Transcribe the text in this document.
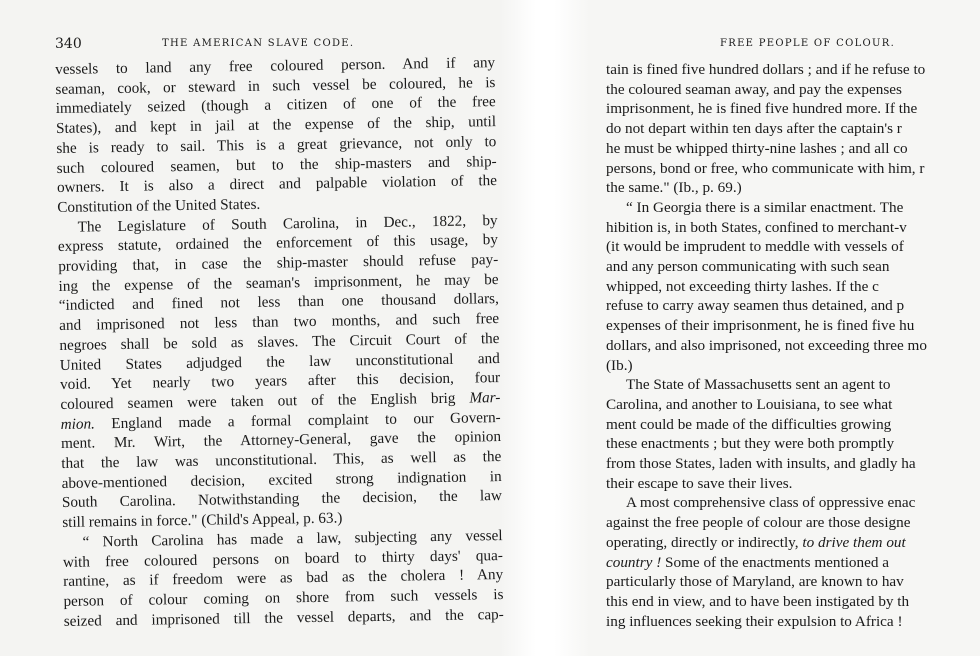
340	THE AMERICAN SLAVE CODE.	FREE PEOPLE OF COLOUR.
vessels to land any free coloured person. And if any
seaman, cook, or steward in such vessel be coloured, he is
immediately seized (though a citizen of one of the free
States), and kept in jail at the expense of the ship, until
she is ready to sail. This is a great grievance, not only to
such coloured seamen, but to the ship-masters and ship-
owners. It is also a direct and palpable violation of the
Constitution of the United States.
The Legislature of South Carolina, in Dec., 1822, by
express statute, ordained the enforcement of this usage, by
providing that, in case the ship-master should refuse pay-
ing the expense of the seaman's imprisonment, he may be
“indicted and fined not less than one thousand dollars,
and imprisoned not less than two months, and such free
negroes shall be sold as slaves. The Circuit Court of the
United States adjudged the law unconstitutional and
void. Yet nearly two years after this decision, four
coloured seamen were taken out of the English brig Mar-
mion. England made a formal complaint to our Govern-
ment. Mr. Wirt, the Attorney-General, gave the opinion
that the law was unconstitutional. This, as well as the
above-mentioned decision, excited strong indignation in
South Carolina. Notwithstanding the decision, the law
still remains in force." (Child's Appeal, p. 63.)
“ North Carolina has made a law, subjecting any vessel
with free coloured persons on board to thirty days' qua-
rantine, as if freedom were as bad as the cholera ! Any
person of colour coming on shore from such vessels is
seized and imprisoned till the vessel departs, and the cap-
tain is fined five hundred dollars ; and if he refuse to
the coloured seaman away, and pay the expenses
imprisonment, he is fined five hundred more. If the
do not depart within ten days after the captain's r
he must be whipped thirty-nine lashes ; and all co
persons, bond or free, who communicate with him, r
the same." (Ib., p. 69.)
“ In Georgia there is a similar enactment. The
hibition is, in both States, confined to merchant-v
(it would be imprudent to meddle with vessels of
and any person communicating with such sean
whipped, not exceeding thirty lashes. If the c
refuse to carry away seamen thus detained, and p
expenses of their imprisonment, he is fined five hu
dollars, and also imprisoned, not exceeding three mo
(Ib.)
The State of Massachusetts sent an agent to
Carolina, and another to Louisiana, to see what
ment could be made of the difficulties growing
these enactments ; but they were both promptly
from those States, laden with insults, and gladly ha
their escape to save their lives.
A most comprehensive class of oppressive enac
against the free people of colour are those designe
operating, directly or indirectly, to drive them out
country ! Some of the enactments mentioned a
particularly those of Maryland, are known to hav
this end in view, and to have been instigated by th
ing influences seeking their expulsion to Africa !
